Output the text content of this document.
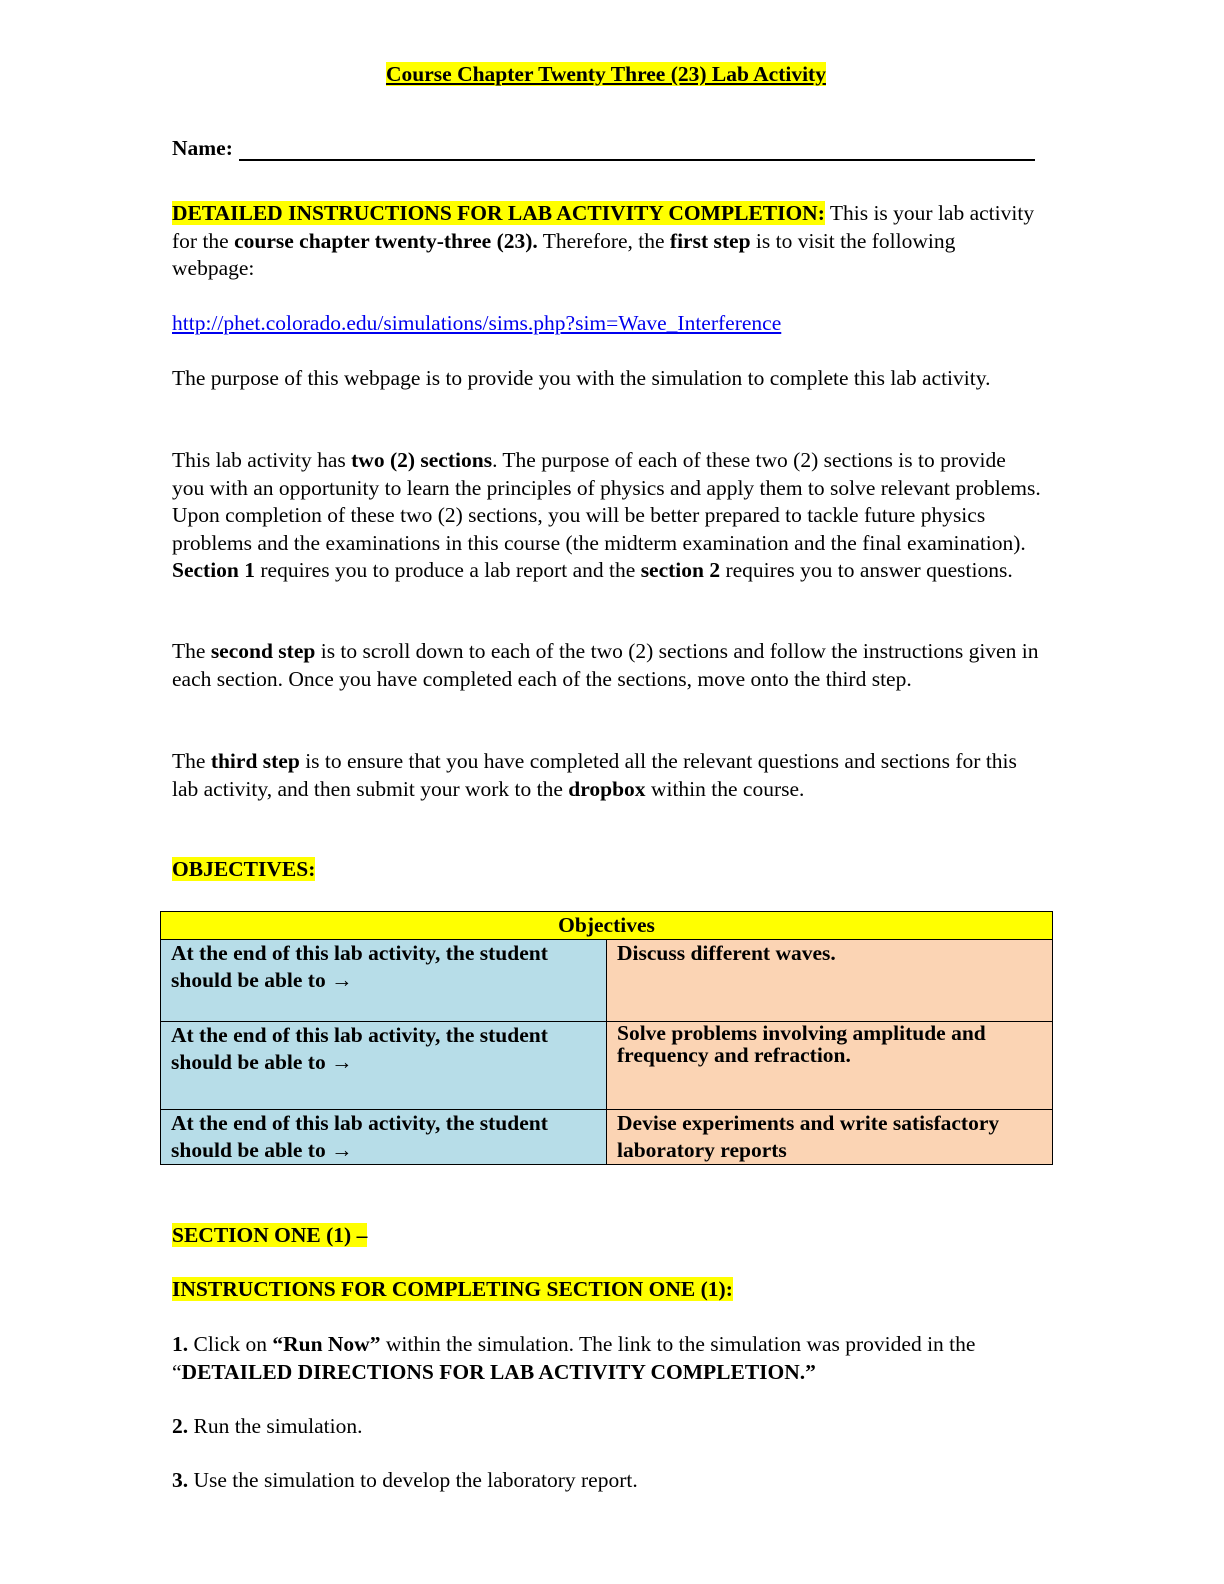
Course Chapter Twenty Three (23) Lab Activity
Name:

DETAILED INSTRUCTIONS FOR LAB ACTIVITY COMPLETION: This is your lab activity for the course chapter twenty-three (23). Therefore, the first step is to visit the following webpage:

http://phet.colorado.edu/simulations/sims.php?sim=Wave_Interference

The purpose of this webpage is to provide you with the simulation to complete this lab activity.

This lab activity has two (2) sections. The purpose of each of these two (2) sections is to provide you with an opportunity to learn the principles of physics and apply them to solve relevant problems. Upon completion of these two (2) sections, you will be better prepared to tackle future physics problems and the examinations in this course (the midterm examination and the final examination). Section 1 requires you to produce a lab report and the section 2 requires you to answer questions.

The second step is to scroll down to each of the two (2) sections and follow the instructions given in each section. Once you have completed each of the sections, move onto the third step.

The third step is to ensure that you have completed all the relevant questions and sections for this lab activity, and then submit your work to the dropbox within the course.

OBJECTIVES:

Objectives	
At the end of this lab activity, the student should be able to →	Discuss different waves.
At the end of this lab activity, the student should be able to →	Solve problems involving amplitude and frequency and refraction.
At the end of this lab activity, the student should be able to →	Devise experiments and write satisfactory laboratory reports

SECTION ONE (1) –

INSTRUCTIONS FOR COMPLETING SECTION ONE (1):

1. Click on “Run Now” within the simulation. The link to the simulation was provided in the “DETAILED DIRECTIONS FOR LAB ACTIVITY COMPLETION.”

2. Run the simulation.

3. Use the simulation to develop the laboratory report.
